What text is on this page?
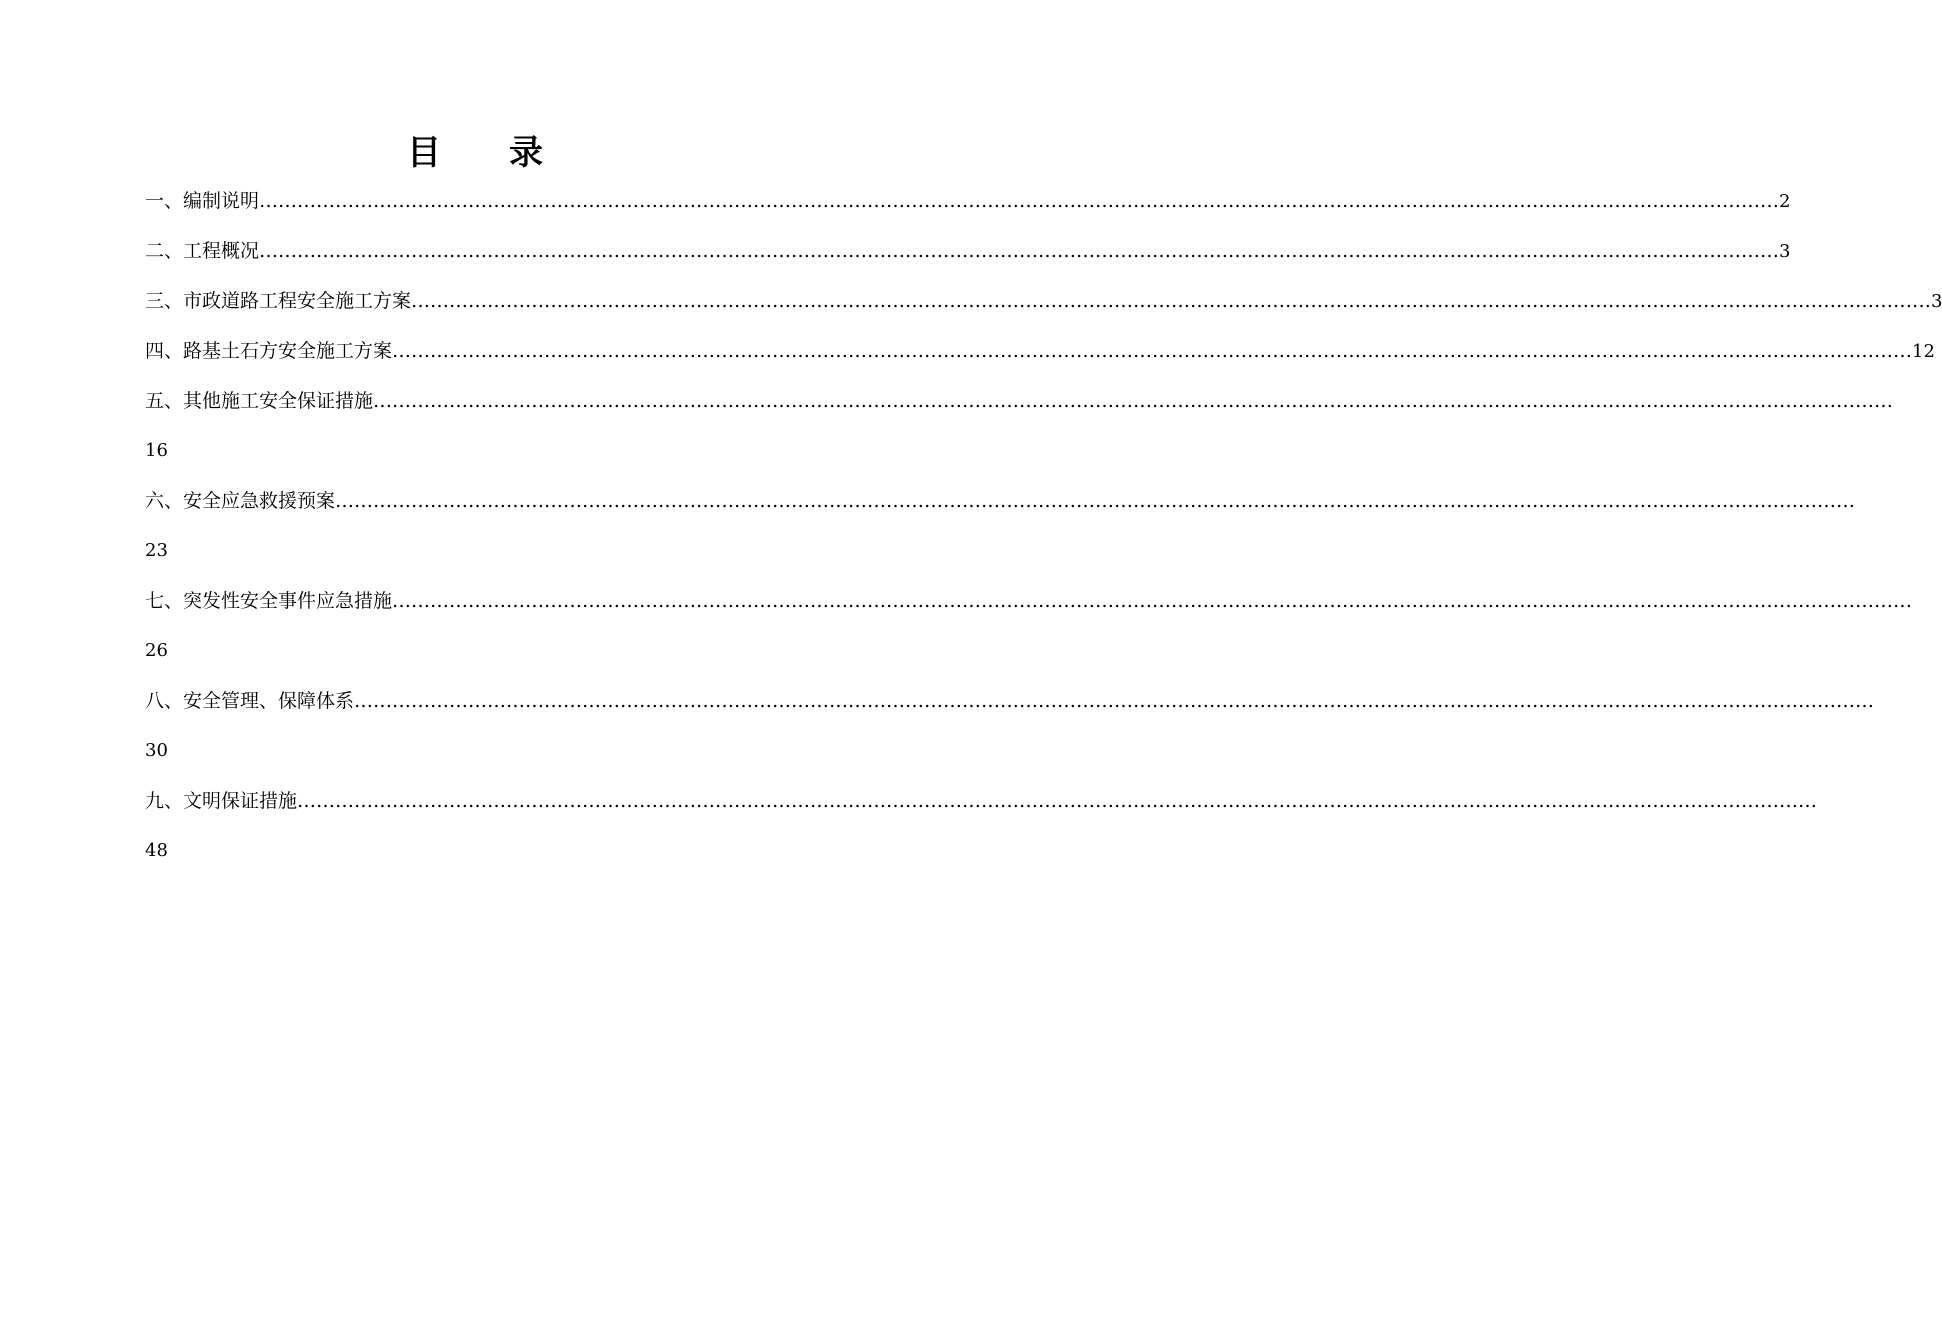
目　　录
一、编制说明 …………………………………………………………………………………………………………………………………………………………………………………………………………………… 2
二、工程概况 …………………………………………………………………………………………………………………………………………………………………………………………………………………… 3
三、市政道路工程安全施工方案 …………………………………………………………………………………………………………………………………………………………………………………………………………………… 3
四、路基土石方安全施工方案 …………………………………………………………………………………………………………………………………………………………………………………………………………………… 12
五、其他施工安全保证措施 ……………………………………………………………………………………………………………………………………………………………………………………………………………………
16
六、安全应急救援预案 ……………………………………………………………………………………………………………………………………………………………………………………………………………………
23
七、突发性安全事件应急措施 ……………………………………………………………………………………………………………………………………………………………………………………………………………………
26
八、安全管理、保障体系 ……………………………………………………………………………………………………………………………………………………………………………………………………………………
30
九、文明保证措施 ……………………………………………………………………………………………………………………………………………………………………………………………………………………
48
